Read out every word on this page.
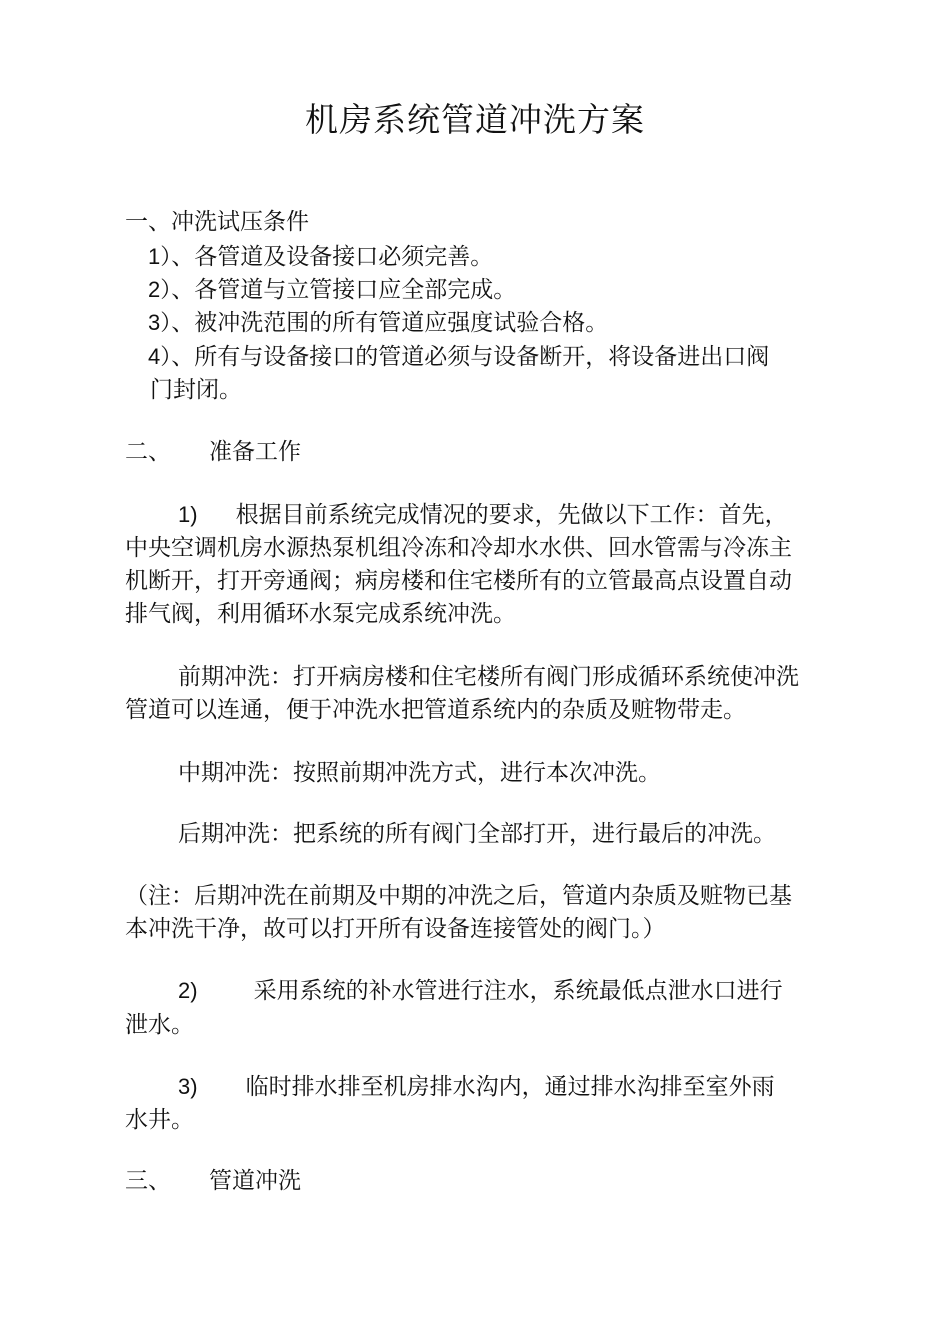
机房系统管道冲洗方案
一、冲洗试压条件
1）、各管道及设备接口必须完善。
2）、各管道与立管接口应全部完成。
3）、被冲洗范围的所有管道应强度试验合格。
4）、所有与设备接口的管道必须与设备断开，将设备进出口阀
门封闭。
二、 准备工作
1) 根据目前系统完成情况的要求，先做以下工作：首先，
中央空调机房水源热泵机组冷冻和冷却水水供、回水管需与冷冻主
机断开，打开旁通阀；病房楼和住宅楼所有的立管最高点设置自动
排气阀，利用循环水泵完成系统冲洗。
前期冲洗：打开病房楼和住宅楼所有阀门形成循环系统使冲洗
管道可以连通，便于冲洗水把管道系统内的杂质及赃物带走。
中期冲洗：按照前期冲洗方式，进行本次冲洗。
后期冲洗：把系统的所有阀门全部打开，进行最后的冲洗。
（注：后期冲洗在前期及中期的冲洗之后，管道内杂质及赃物已基
本冲洗干净，故可以打开所有设备连接管处的阀门。）
2) 采用系统的补水管进行注水，系统最低点泄水口进行
泄水。
3) 临时排水排至机房排水沟内，通过排水沟排至室外雨
水井。
三、 管道冲洗
